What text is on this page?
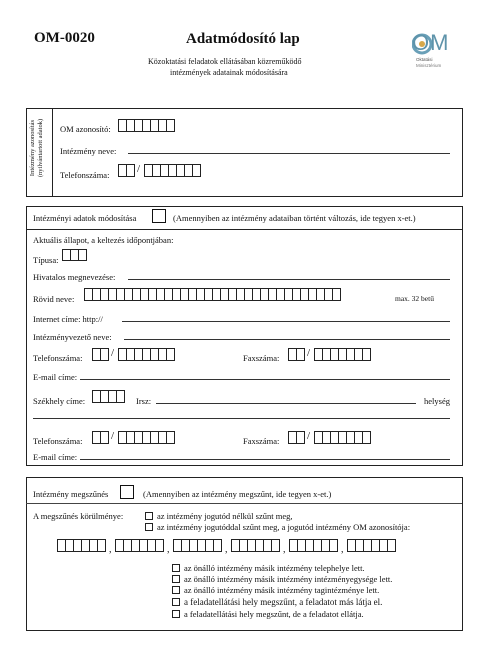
OM-0020	Adatmódosító lap
Közoktatási feladatok ellátásában közreműködő
intézmények adatainak módosítására
OM
Oktatási
Minisztérium
Intézmény azonosítás (nyilvántartott adatok) OM azonosító:
Intézmény neve:
Telefonszáma:	/
Intézményi adatok módosítása	(Amennyiben az intézmény adataiban történt változás, ide tegyen x-et.)
Aktuális állapot, a keltezés időpontjában:
Típusa:
Hivatalos megnevezése:
Rövid neve:	max. 32 betű
Internet címe: http://
Intézményvezető neve:
Telefonszáma:	/	Faxszáma:	/
E-mail címe:
Székhely címe:	Irsz:	helység
Telefonszáma:	/	Faxszáma:	/
E-mail címe:
Intézmény megszűnés	(Amennyiben az intézmény megszűnt, ide tegyen x-et.)
A megszűnés körülménye:	az intézmény jogutód nélkül szűnt meg,
az intézmény jogutóddal szűnt meg, a jogutód intézmény OM azonosítója:
,	,	,	,	,
az önálló intézmény másik intézmény telephelye lett.
az önálló intézmény másik intézmény intézményegysége lett.
az önálló intézmény másik intézmény tagintézménye lett.
a feladatellátási hely megszűnt, a feladatot más látja el.
a feladatellátási hely megszűnt, de a feladatot ellátja.
